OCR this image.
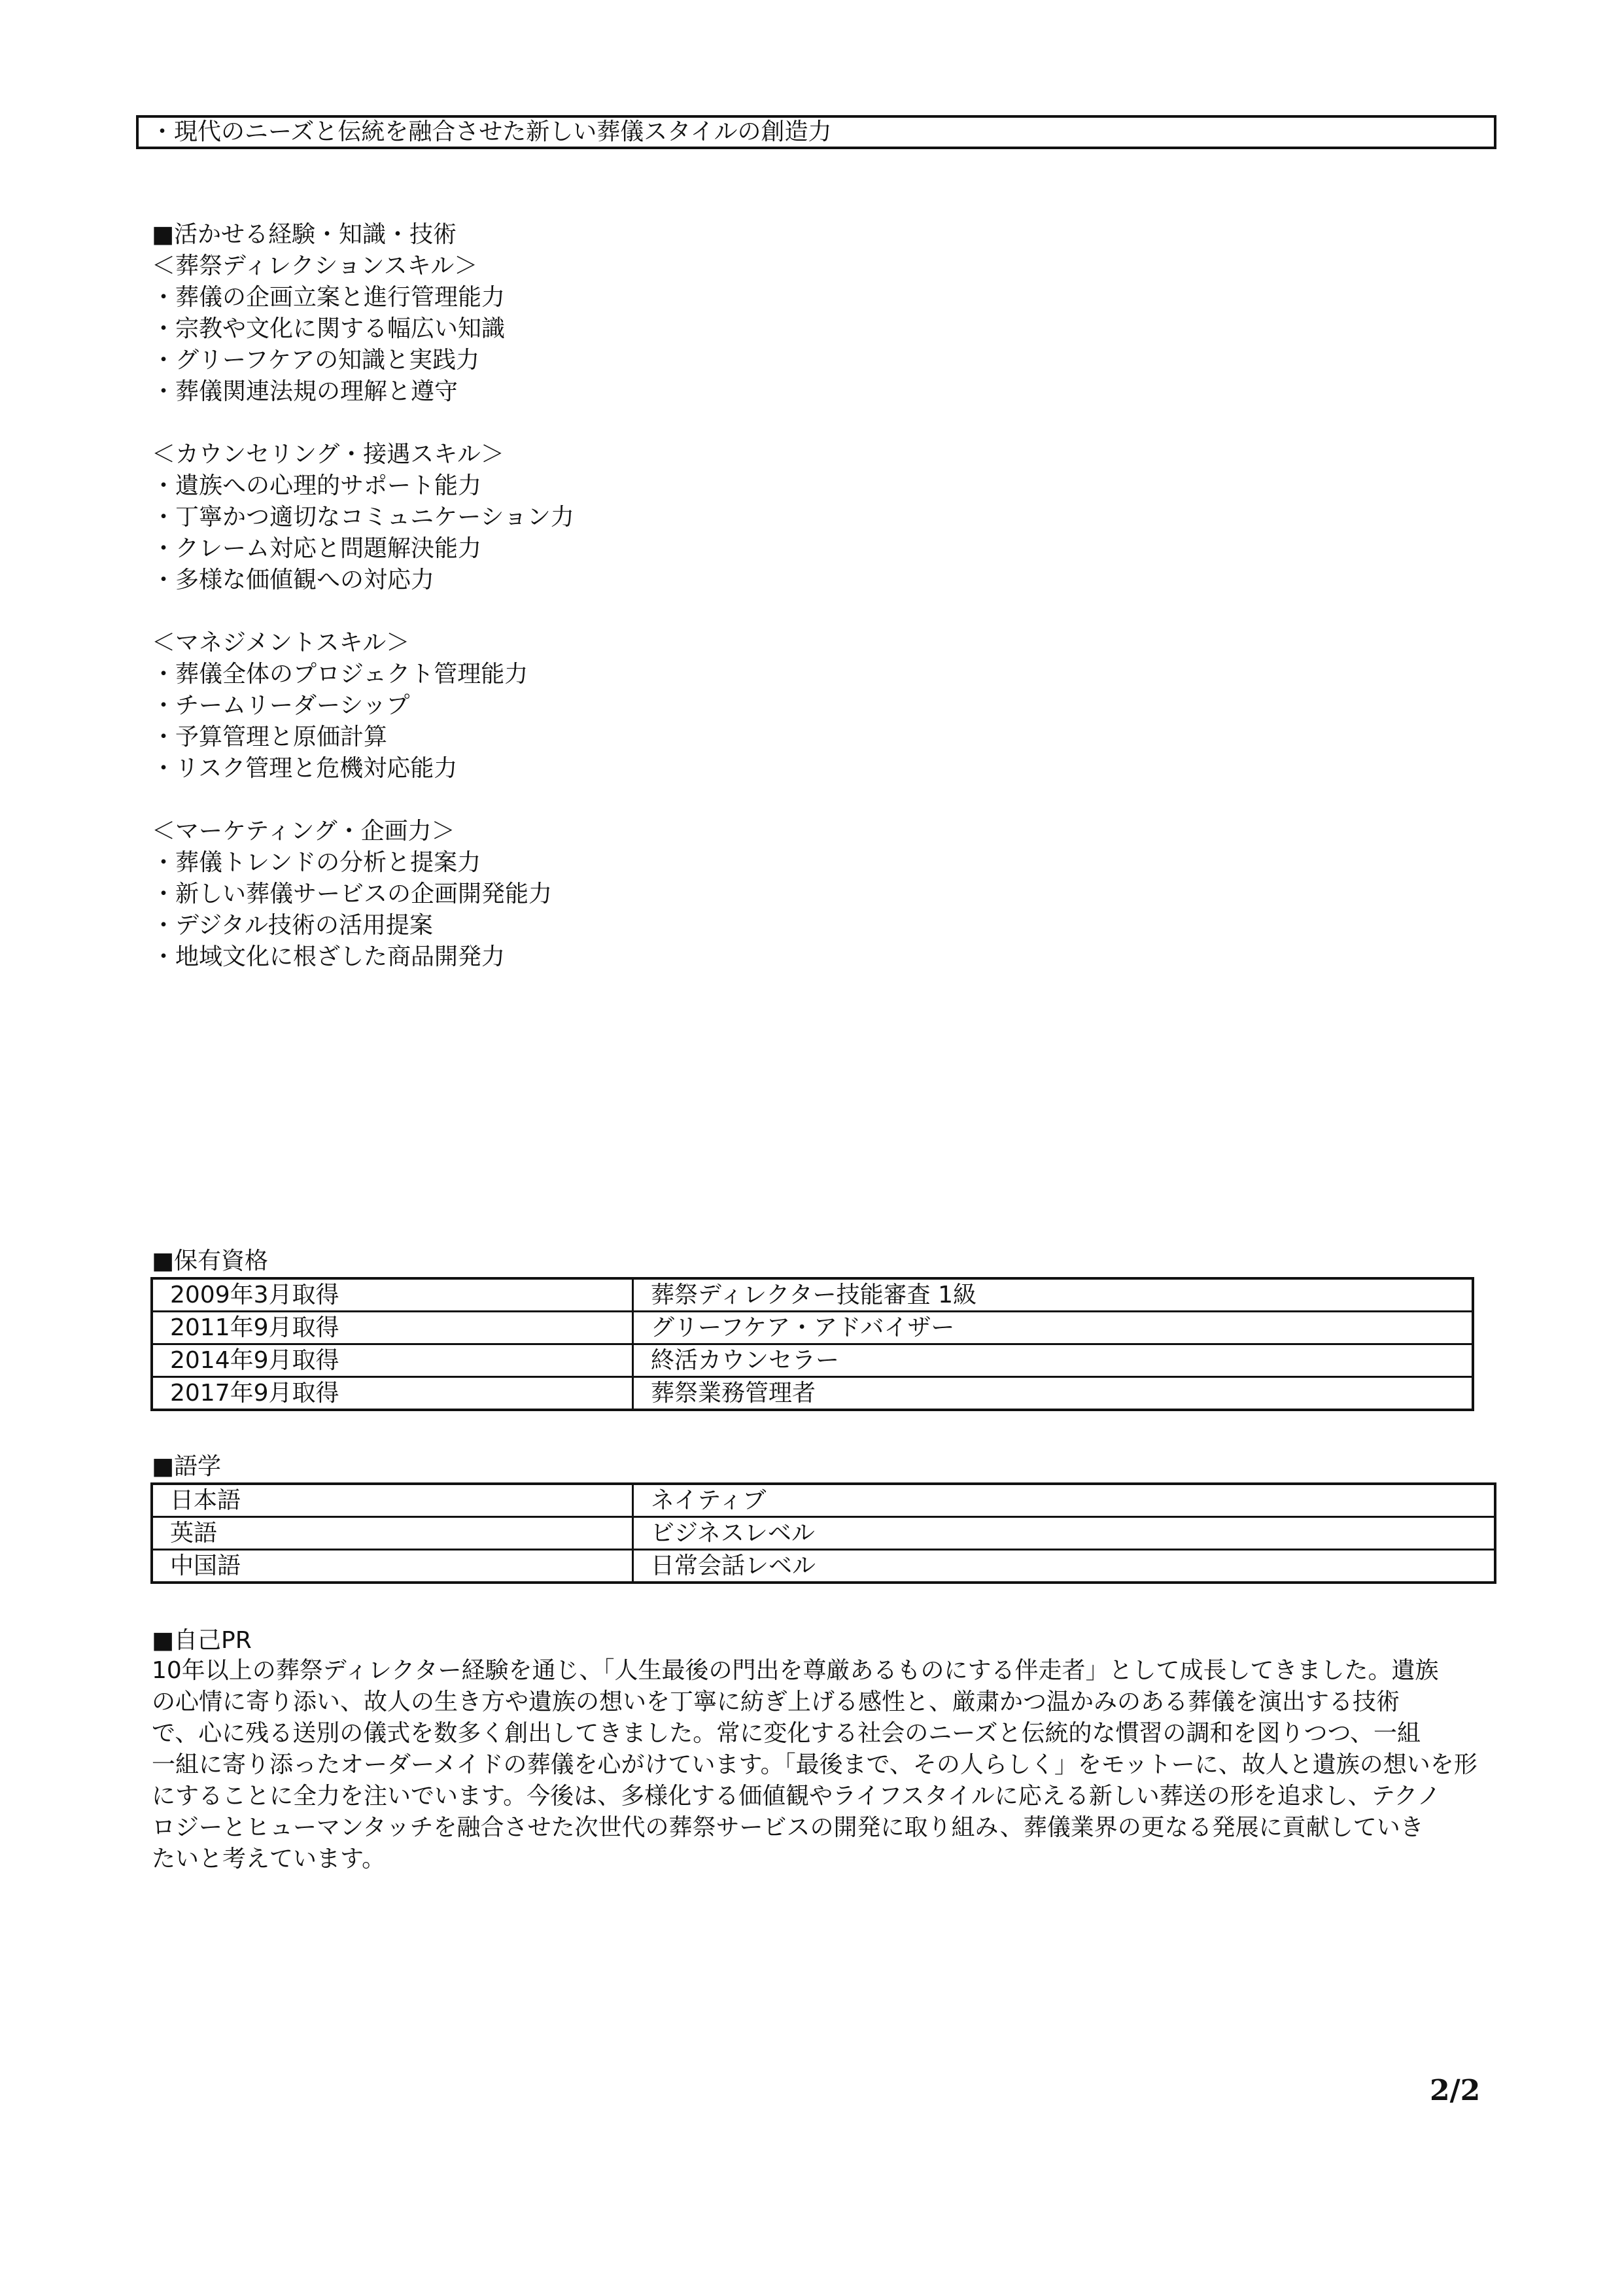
・現代のニーズと伝統を融合させた新しい葬儀スタイルの創造力
■活かせる経験・知識・技術
＜葬祭ディレクションスキル＞
・葬儀の企画立案と進行管理能力
・宗教や文化に関する幅広い知識
・グリーフケアの知識と実践力
・葬儀関連法規の理解と遵守
＜カウンセリング・接遇スキル＞
・遺族への心理的サポート能力
・丁寧かつ適切なコミュニケーション力
・クレーム対応と問題解決能力
・多様な価値観への対応力
＜マネジメントスキル＞
・葬儀全体のプロジェクト管理能力
・チームリーダーシップ
・予算管理と原価計算
・リスク管理と危機対応能力
＜マーケティング・企画力＞
・葬儀トレンドの分析と提案力
・新しい葬儀サービスの企画開発能力
・デジタル技術の活用提案
・地域文化に根ざした商品開発力
■保有資格
2009年3月取得	葬祭ディレクター技能審査 1級
2011年9月取得	グリーフケア・アドバイザー
2014年9月取得	終活カウンセラー
2017年9月取得	葬祭業務管理者
■語学
日本語	ネイティブ
英語	ビジネスレベル
中国語	日常会話レベル
■自己PR
10年以上の葬祭ディレクター経験を通じ、「人生最後の門出を尊厳あるものにする伴走者」として成長してきました。遺族
の心情に寄り添い、故人の生き方や遺族の想いを丁寧に紡ぎ上げる感性と、厳粛かつ温かみのある葬儀を演出する技術
で、心に残る送別の儀式を数多く創出してきました。常に変化する社会のニーズと伝統的な慣習の調和を図りつつ、一組
一組に寄り添ったオーダーメイドの葬儀を心がけています。「最後まで、その人らしく」をモットーに、故人と遺族の想いを形
にすることに全力を注いでいます。今後は、多様化する価値観やライフスタイルに応える新しい葬送の形を追求し、テクノ
ロジーとヒューマンタッチを融合させた次世代の葬祭サービスの開発に取り組み、葬儀業界の更なる発展に貢献していき
たいと考えています。
2/2
